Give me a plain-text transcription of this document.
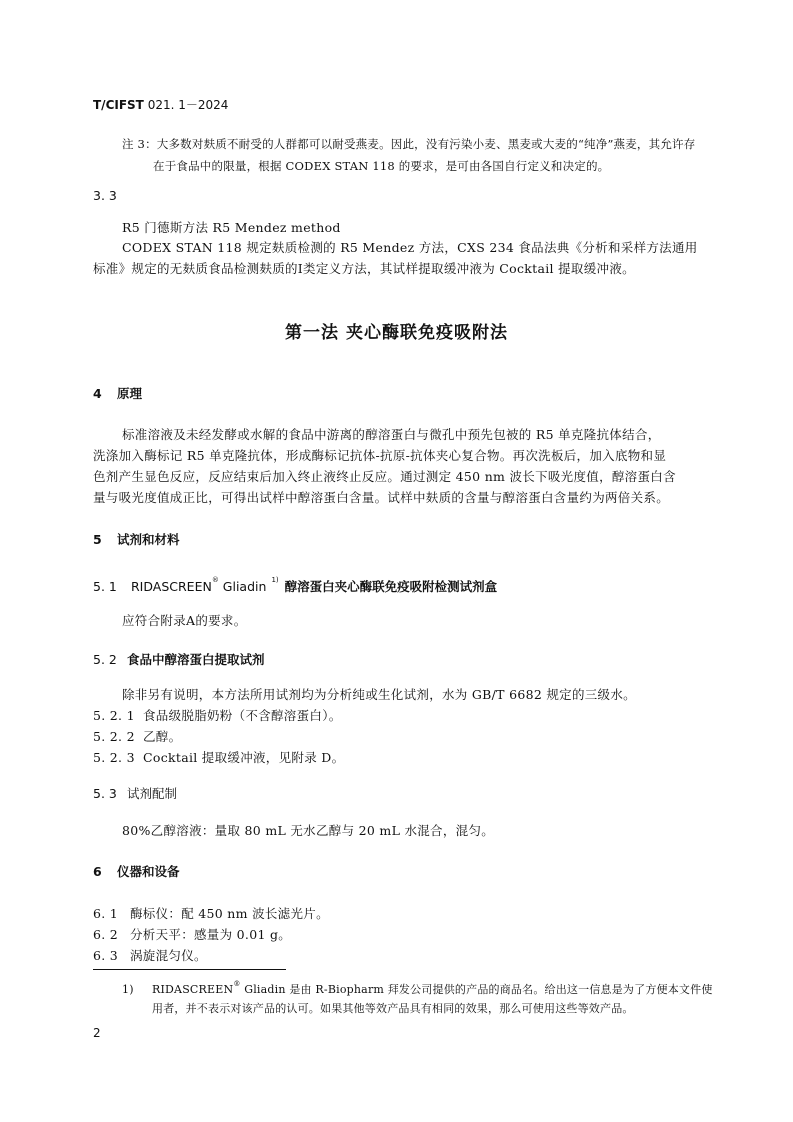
T/CIFST 021. 1－2024
注 3：大多数对麸质不耐受的人群都可以耐受燕麦。因此，没有污染小麦、黑麦或大麦的“纯净”燕麦，其允许存
在于食品中的限量，根据 CODEX STAN 118 的要求，是可由各国自行定义和决定的。
3. 3
R5 门德斯方法 R5 Mendez method
CODEX STAN 118 规定麸质检测的 R5 Mendez 方法，CXS 234 食品法典《分析和采样方法通用
标准》规定的无麸质食品检测麸质的I类定义方法，其试样提取缓冲液为 Cocktail 提取缓冲液。
第一法 夹心酶联免疫吸附法
4 原理
标准溶液及未经发酵或水解的食品中游离的醇溶蛋白与微孔中预先包被的 R5 单克隆抗体结合，
洗涤加入酶标记 R5 单克隆抗体，形成酶标记抗体-抗原-抗体夹心复合物。再次洗板后，加入底物和显
色剂产生显色反应，反应结束后加入终止液终止反应。通过测定 450 nm 波长下吸光度值，醇溶蛋白含
量与吸光度值成正比，可得出试样中醇溶蛋白含量。试样中麸质的含量与醇溶蛋白含量约为两倍关系。
5 试剂和材料
5. 1 RIDASCREEN® Gliadin $^{1)}$ 醇溶蛋白夹心酶联免疫吸附检测试剂盒
应符合附录A的要求。
5. 2 食品中醇溶蛋白提取试剂
除非另有说明，本方法所用试剂均为分析纯或生化试剂，水为 GB/T 6682 规定的三级水。
5. 2. 1 食品级脱脂奶粉（不含醇溶蛋白）。
5. 2. 2 乙醇。
5. 2. 3 Cocktail 提取缓冲液，见附录 D。
5. 3 试剂配制
80%乙醇溶液：量取 80 mL 无水乙醇与 20 mL 水混合，混匀。
6 仪器和设备
6. 1 酶标仪：配 450 nm 波长滤光片。
6. 2 分析天平：感量为 0.01 g。
6. 3 涡旋混匀仪。
1) RIDASCREEN® Gliadin 是由 R-Biopharm 拜发公司提供的产品的商品名。给出这一信息是为了方便本文件使
用者，并不表示对该产品的认可。如果其他等效产品具有相同的效果，那么可使用这些等效产品。
2
